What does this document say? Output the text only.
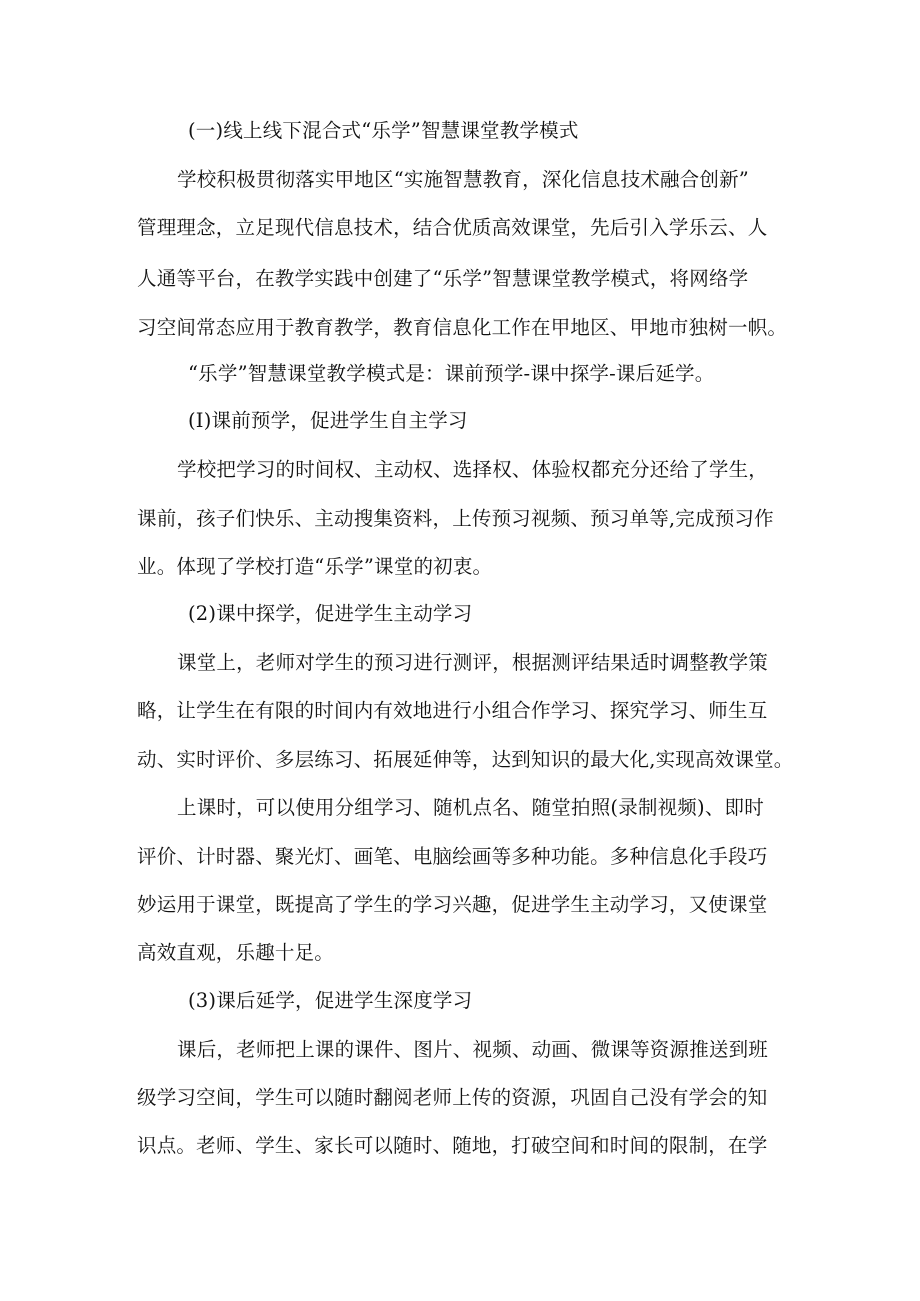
(一)线上线下混合式“乐学”智慧课堂教学模式
学校积极贯彻落实甲地区“实施智慧教育，深化信息技术融合创新”
管理理念，立足现代信息技术，结合优质高效课堂，先后引入学乐云、人
人通等平台，在教学实践中创建了“乐学”智慧课堂教学模式，将网络学
习空间常态应用于教育教学，教育信息化工作在甲地区、甲地市独树一帜。
“乐学”智慧课堂教学模式是：课前预学-课中探学-课后延学。
(I)课前预学，促进学生自主学习
学校把学习的时间权、主动权、选择权、体验权都充分还给了学生，
课前，孩子们快乐、主动搜集资料，上传预习视频、预习单等,完成预习作
业。体现了学校打造“乐学”课堂的初衷。
(2)课中探学，促进学生主动学习
课堂上，老师对学生的预习进行测评，根据测评结果适时调整教学策
略，让学生在有限的时间内有效地进行小组合作学习、探究学习、师生互
动、实时评价、多层练习、拓展延伸等，达到知识的最大化,实现高效课堂。
上课时，可以使用分组学习、随机点名、随堂拍照(录制视频)、即时
评价、计时器、聚光灯、画笔、电脑绘画等多种功能。多种信息化手段巧
妙运用于课堂，既提高了学生的学习兴趣，促进学生主动学习，又使课堂
高效直观，乐趣十足。
(3)课后延学，促进学生深度学习
课后，老师把上课的课件、图片、视频、动画、微课等资源推送到班
级学习空间，学生可以随时翻阅老师上传的资源，巩固自己没有学会的知
识点。老师、学生、家长可以随时、随地，打破空间和时间的限制，在学
